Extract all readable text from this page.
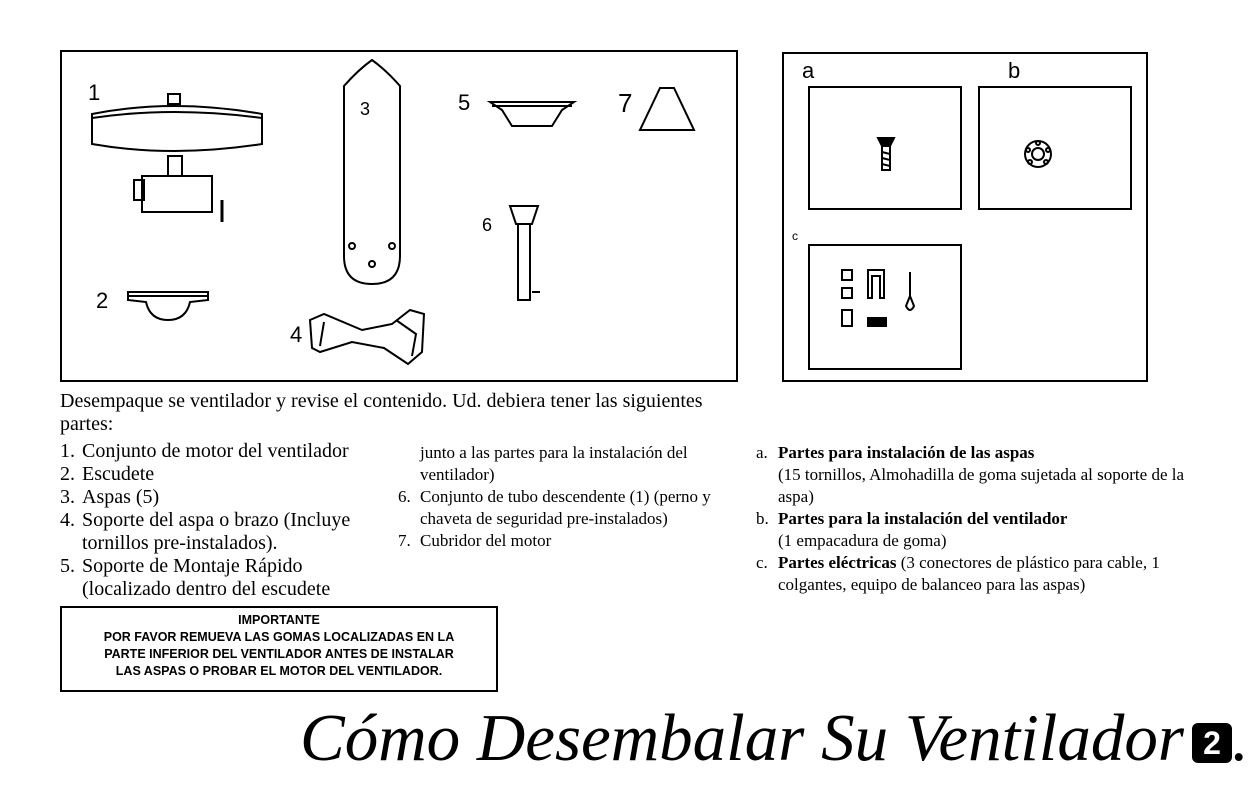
1
2
3
4
5
6
7
a	b
c
Desempaque se ventilador y revise el contenido. Ud. debiera tener las siguientes partes:
1. Conjunto de motor del ventilador
2. Escudete
3. Aspas (5)
4. Soporte del aspa o brazo (Incluye tornillos pre-instalados).
5. Soporte de Montaje Rápido (localizado dentro del escudete
junto a las partes para la instalación del ventilador)
6. Conjunto de tubo descendente (1) (perno y chaveta de seguridad pre-instalados)
7. Cubridor del motor
a. Partes para instalación de las aspas
(15 tornillos, Almohadilla de goma sujetada al soporte de la aspa)
b. Partes para la instalación del ventilador
(1 empacadura de goma)
c. Partes eléctricas (3 conectores de plástico para cable, 1 colgantes, equipo de balanceo para las aspas)
IMPORTANTE
POR FAVOR REMUEVA LAS GOMAS LOCALIZADAS EN LA
PARTE INFERIOR DEL VENTILADOR ANTES DE INSTALAR
LAS ASPAS O PROBAR EL MOTOR DEL VENTILADOR.
Cómo Desembalar Su Ventilador 2 .
